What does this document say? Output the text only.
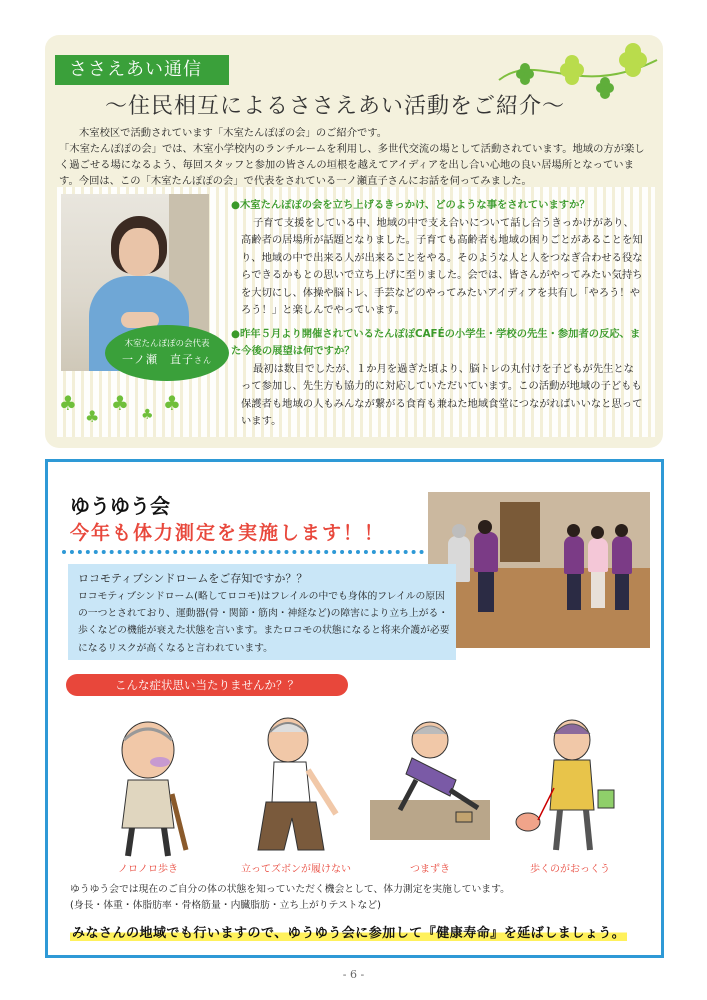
ささえあい通信
～住民相互によるささえあい活動をご紹介～

木室校区で活動されています「木室たんぽぽの会」のご紹介です。

「木室たんぽぽの会」では、木室小学校内のランチルームを利用し、多世代交流の場として活動されています。地域の方が楽しく過ごせる場になるよう、毎回スタッフと参加の皆さんの垣根を越えてアイディアを出し合い心地の良い居場所となっています。今回は、この「木室たんぽぽの会」で代表をされている一ノ瀬直子さんにお話を伺ってみました。

木室たんぽぽの会代表
一ノ瀬　直子さん

●木室たんぽぽの会を立ち上げるきっかけ、どのような事をされていますか？

子育て支援をしている中、地域の中で支え合いについて話し合うきっかけがあり、高齢者の居場所が話題となりました。子育ても高齢者も地域の困りごとがあることを知り、地域の中で出来る人が出来ることをやる。そのような人と人をつなぎ合わせる役ならできるかもとの思いで立ち上げに至りました。会では、皆さんがやってみたい気持ちを大切にし、体操や脳トレ、手芸などのやってみたいアイディアを共有し「やろう！やろう！」と楽しんでやっています。

●昨年５月より開催されているたんぽぽCAFÉの小学生・学校の先生・参加者の反応、また今後の展望は何ですか？

最初は数目でしたが、１か月を過ぎた頃より、脳トレの丸付けを子どもが先生となって参加し、先生方も協力的に対応していただいています。この活動が地域の子どもも保護者も地域の人もみんなが繋がる食育も兼ねた地域食堂につながればいいなと思っています。

♣
♣
♣ ♣ ♣
ゆうゆう会
今年も体力測定を実施します！！
ロコモティブシンドロームをご存知ですか？？
ロコモティブシンドローム(略してロコモ)はフレイルの中でも身体的フレイルの原因の一つとされており、運動器(骨・関節・筋肉・神経など)の障害により立ち上がる・歩くなどの機能が衰えた状態を言います。またロコモの状態になると将来介護が必要になるリスクが高くなると言われています。
こんな症状思い当たりませんか？？
ノロノロ歩き	立ってズボンが履けない	つまずき	歩くのがおっくう

ゆうゆう会では現在のご自分の体の状態を知っていただく機会として、体力測定を実施しています。

(身長・体重・体脂肪率・骨格筋量・内臓脂肪・立ち上がりテストなど)

みなさんの地域でも行いますので、ゆうゆう会に参加して『健康寿命』を延ばしましょう。
- 6 -
